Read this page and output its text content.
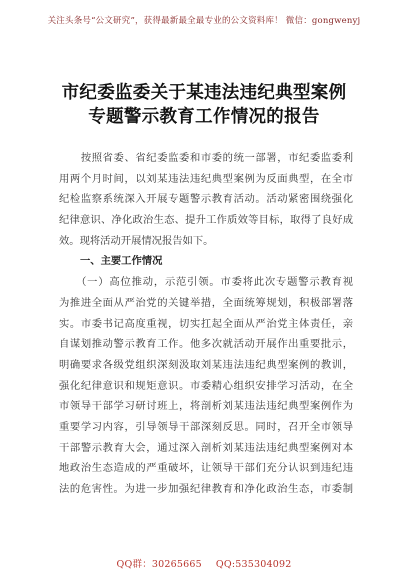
关注头条号“公文研究”，获得最新最全最专业的公文资料库！ 微信：gongwenyj
市纪委监委关于某违法违纪典型案例
专题警示教育工作情况的报告
　　按照省委、省纪委监委和市委的统一部署，市纪委监委利
用两个月时间，以刘某违法违纪典型案例为反面典型，在全市
纪检监察系统深入开展专题警示教育活动。活动紧密围绕强化
纪律意识、净化政治生态、提升工作质效等目标，取得了良好成
效。现将活动开展情况报告如下。
一、主要工作情况
　　（一）高位推动，示范引领。市委将此次专题警示教育视
为推进全面从严治党的关键举措，全面统筹规划，积极部署落
实。市委书记高度重视，切实扛起全面从严治党主体责任，亲
自谋划推动警示教育工作。他多次就活动开展作出重要批示，
明确要求各级党组织深刻汲取刘某违法违纪典型案例的教训，
强化纪律意识和规矩意识。市委精心组织安排学习活动，在全
市领导干部学习研讨班上，将剖析刘某违法违纪典型案例作为
重要学习内容，引导领导干部深刻反思。同时，召开全市领导
干部警示教育大会，通过深入剖析刘某违法违纪典型案例对本
地政治生态造成的严重破坏，让领导干部们充分认识到违纪违
法的危害性。为进一步加强纪律教育和净化政治生态，市委制
QQ群：30265665 QQ:535304092
